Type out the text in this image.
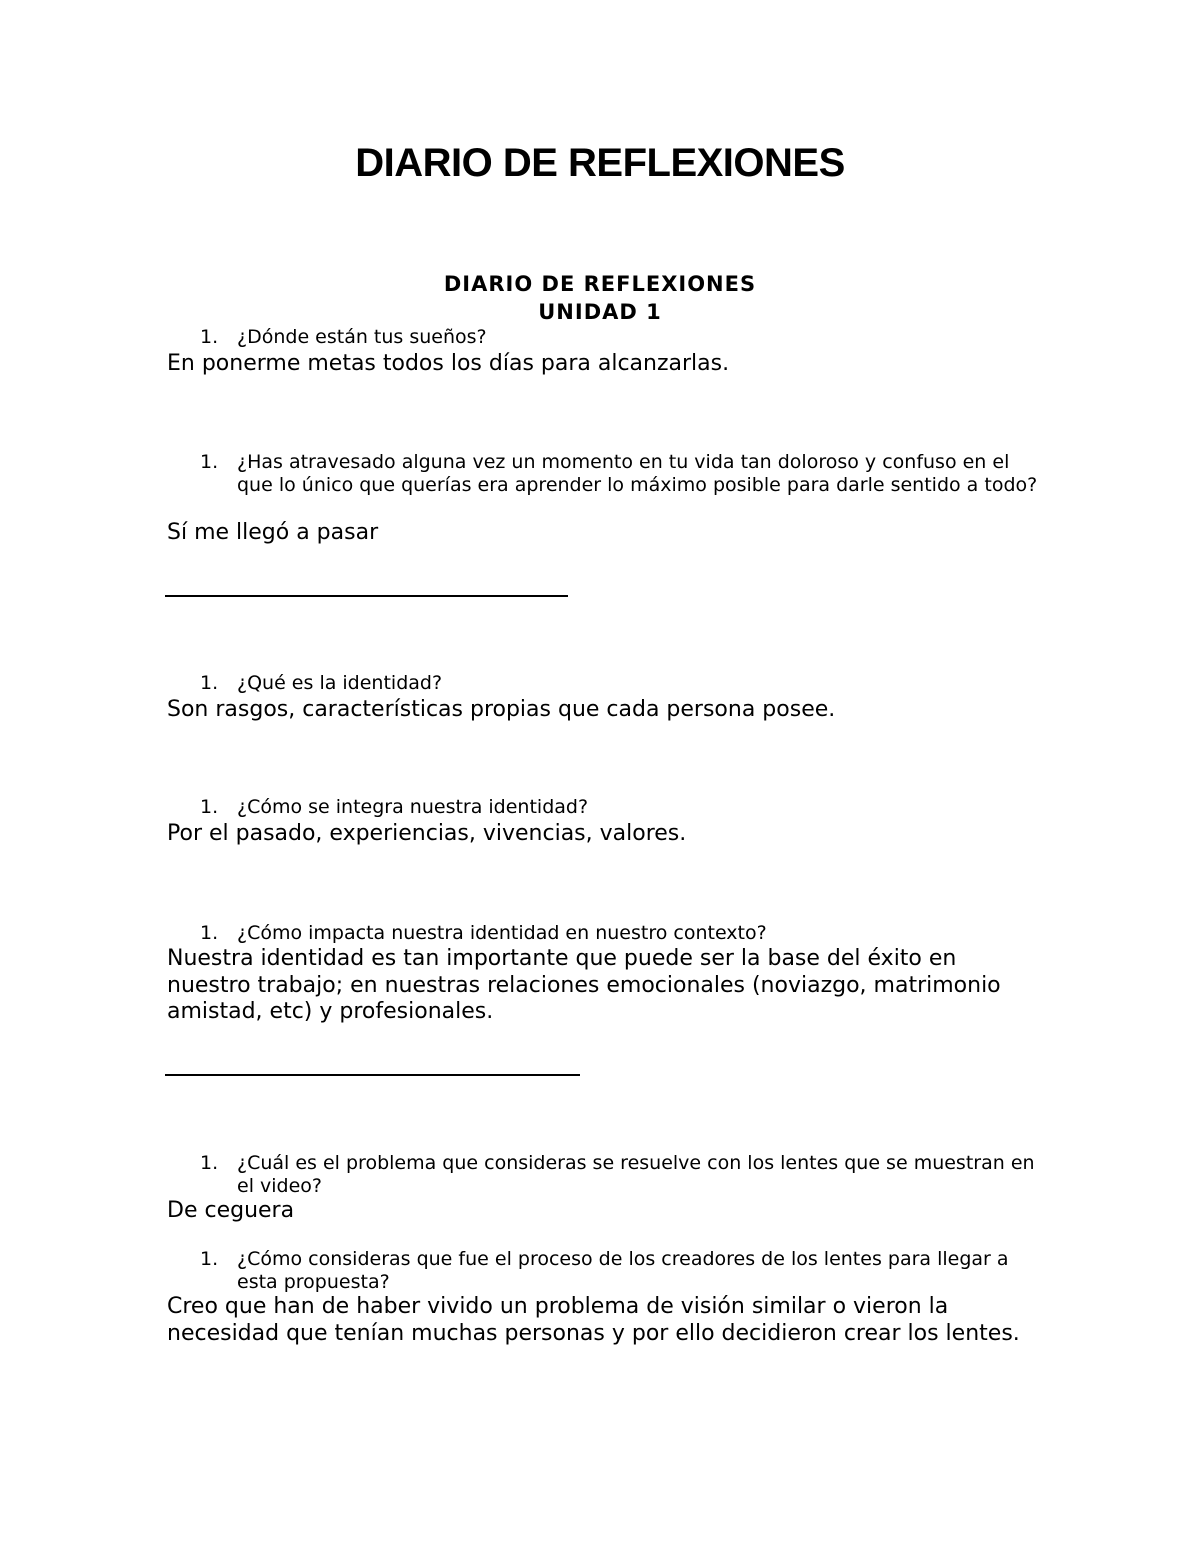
DIARIO DE REFLEXIONES
DIARIO DE REFLEXIONES
UNIDAD 1
1. ¿Dónde están tus sueños?
En ponerme metas todos los días para alcanzarlas.
1. ¿Has atravesado alguna vez un momento en tu vida tan doloroso y confuso en el que lo único que querías era aprender lo máximo posible para darle sentido a todo?
Sí me llegó a pasar
1. ¿Qué es la identidad?
Son rasgos, características propias que cada persona posee.
1. ¿Cómo se integra nuestra identidad?
Por el pasado, experiencias, vivencias, valores.
1. ¿Cómo impacta nuestra identidad en nuestro contexto?
Nuestra identidad es tan importante que puede ser la base del éxito en nuestro trabajo; en nuestras relaciones emocionales (noviazgo, matrimonio amistad, etc) y profesionales.
1. ¿Cuál es el problema que consideras se resuelve con los lentes que se muestran en el video?
De ceguera
1. ¿Cómo consideras que fue el proceso de los creadores de los lentes para llegar a esta propuesta?
Creo que han de haber vivido un problema de visión similar o vieron la necesidad que tenían muchas personas y por ello decidieron crear los lentes.
